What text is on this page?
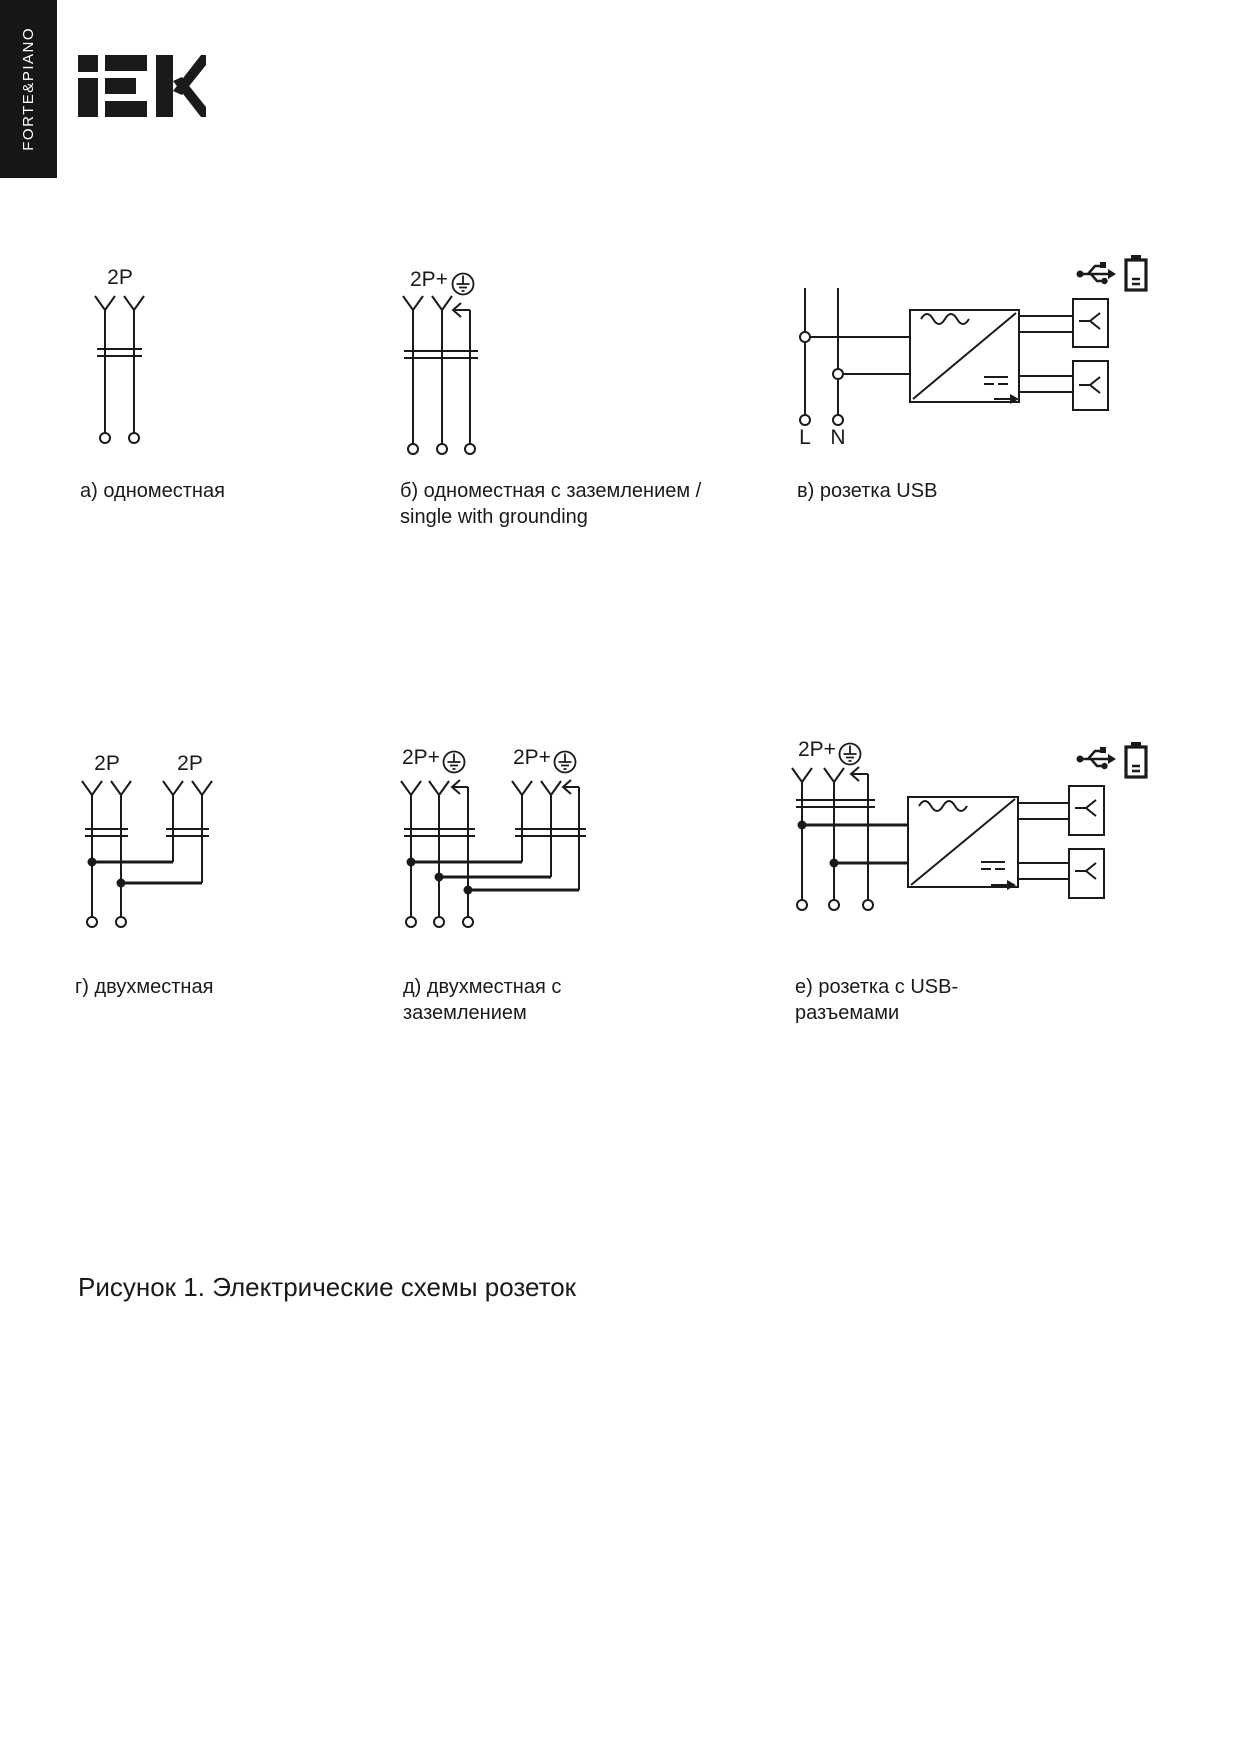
FORTE&PIANO
2P
а) одноместная
2P+
б) одноместная с заземлением /
single with grounding
L N
в) розетка USB
2P	2P
г) двухместная
2P+	2P+
д) двухместная с
заземлением
2P+
е) розетка с USB-
разъемами
Рисунок 1. Электрические схемы розеток
